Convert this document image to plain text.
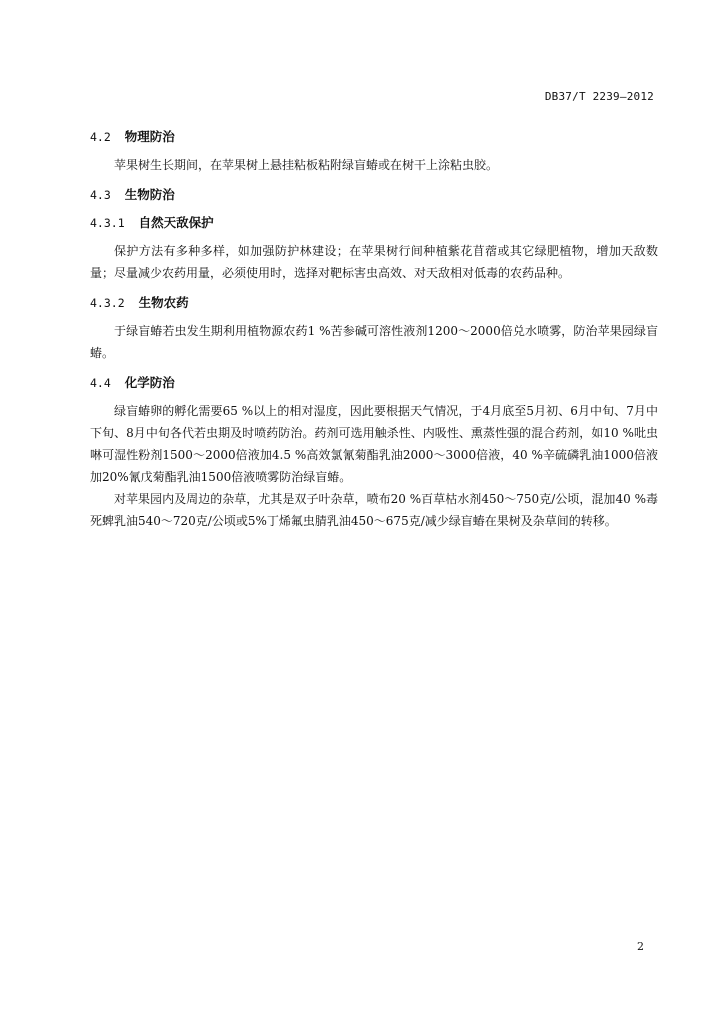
DB37/T 2239—2012
4.2 物理防治

苹果树生长期间，在苹果树上悬挂粘板粘附绿盲蝽或在树干上涂粘虫胶。

4.3 生物防治
4.3.1 自然天敌保护

保护方法有多种多样，如加强防护林建设；在苹果树行间种植紫花苜蓿或其它绿肥植物，增加天敌数量；尽量减少农药用量，必须使用时，选择对靶标害虫高效、对天敌相对低毒的农药品种。

4.3.2 生物农药

于绿盲蝽若虫发生期利用植物源农药1 %苦参碱可溶性液剂1200～2000倍兑水喷雾，防治苹果园绿盲蝽。

4.4 化学防治

绿盲蝽卵的孵化需要65 %以上的相对湿度，因此要根据天气情况，于4月底至5月初、6月中旬、7月中下旬、8月中旬各代若虫期及时喷药防治。药剂可选用触杀性、内吸性、熏蒸性强的混合药剂，如10 %吡虫啉可湿性粉剂1500～2000倍液加4.5 %高效氯氰菊酯乳油2000～3000倍液，40 %辛硫磷乳油1000倍液加20%氰戊菊酯乳油1500倍液喷雾防治绿盲蝽。

对苹果园内及周边的杂草，尤其是双子叶杂草，喷布20 %百草枯水剂450～750克/公顷，混加40 %毒死蜱乳油540～720克/公顷或5%丁烯氟虫腈乳油450～675克/减少绿盲蝽在果树及杂草间的转移。

2
